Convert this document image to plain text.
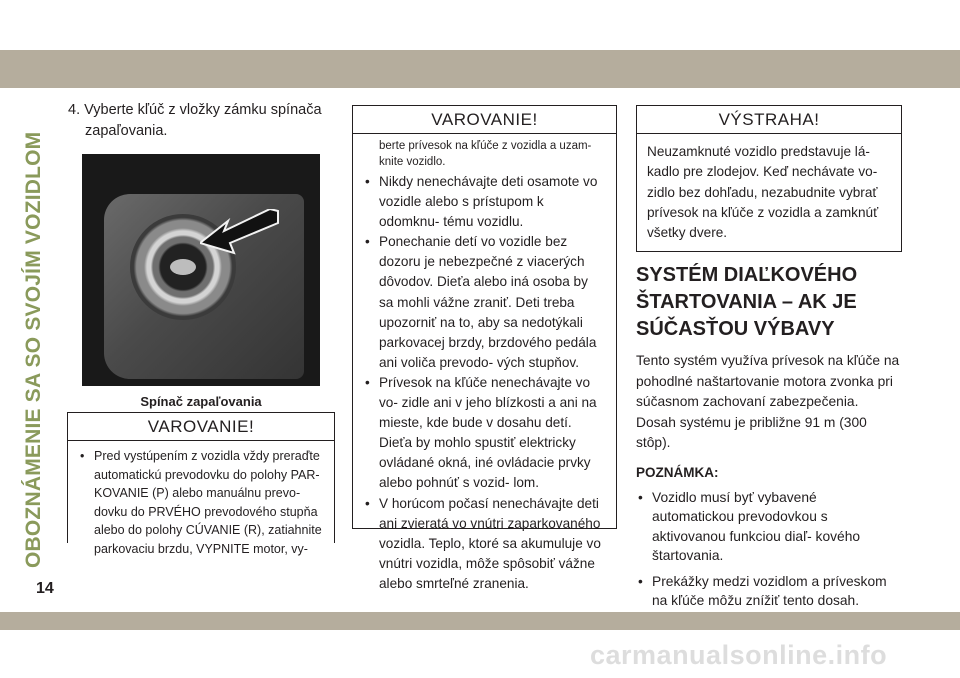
OBOZNÁMENIE SA SO SVOJÍM VOZIDLOM
4. Vyberte kľúč z vložky zámku spínača zapaľovania.
Spínač zapaľovania
VAROVANIE!
• Pred vystúpením z vozidla vždy preraďte automatickú prevodovku do polohy PAR- KOVANIE (P) alebo manuálnu prevo- dovku do PRVÉHO prevodového stupňa alebo do polohy CÚVANIE (R), zatiahnite parkovaciu brzdu, VYPNITE motor, vy-
VAROVANIE!
berte prívesok na kľúče z vozidla a uzam- knite vozidlo.
• Nikdy nenechávajte deti osamote vo vozidle alebo s prístupom k odomknu- tému vozidlu.
• Ponechanie detí vo vozidle bez dozoru je nebezpečné z viacerých dôvodov. Dieťa alebo iná osoba by sa mohli vážne zraniť. Deti treba upozorniť na to, aby sa nedotýkali parkovacej brzdy, brzdového pedála ani voliča prevodo- vých stupňov.
• Prívesok na kľúče nenechávajte vo vo- zidle ani v jeho blízkosti a ani na mieste, kde bude v dosahu detí. Dieťa by mohlo spustiť elektricky ovládané okná, iné ovládacie prvky alebo pohnúť s vozid- lom.
• V horúcom počasí nenechávajte deti ani zvieratá vo vnútri zaparkovaného vozidla. Teplo, ktoré sa akumuluje vo vnútri vozidla, môže spôsobiť vážne alebo smrteľné zranenia.
VÝSTRAHA!
Neuzamknuté vozidlo predstavuje lá- kadlo pre zlodejov. Keď nechávate vo- zidlo bez dohľadu, nezabudnite vybrať prívesok na kľúče z vozidla a zamknúť všetky dvere.
SYSTÉM DIAĽKOVÉHO ŠTARTOVANIA – AK JE SÚČASŤOU VÝBAVY
Tento systém využíva prívesok na kľúče na pohodlné naštartovanie motora zvonka pri súčasnom zachovaní zabezpečenia. Dosah systému je približne 91 m (300 stôp).
POZNÁMKA:
• Vozidlo musí byť vybavené automatickou prevodovkou s aktivovanou funkciou diaľ- kového štartovania.
• Prekážky medzi vozidlom a príveskom na kľúče môžu znížiť tento dosah.
14
carmanualsonline.info
